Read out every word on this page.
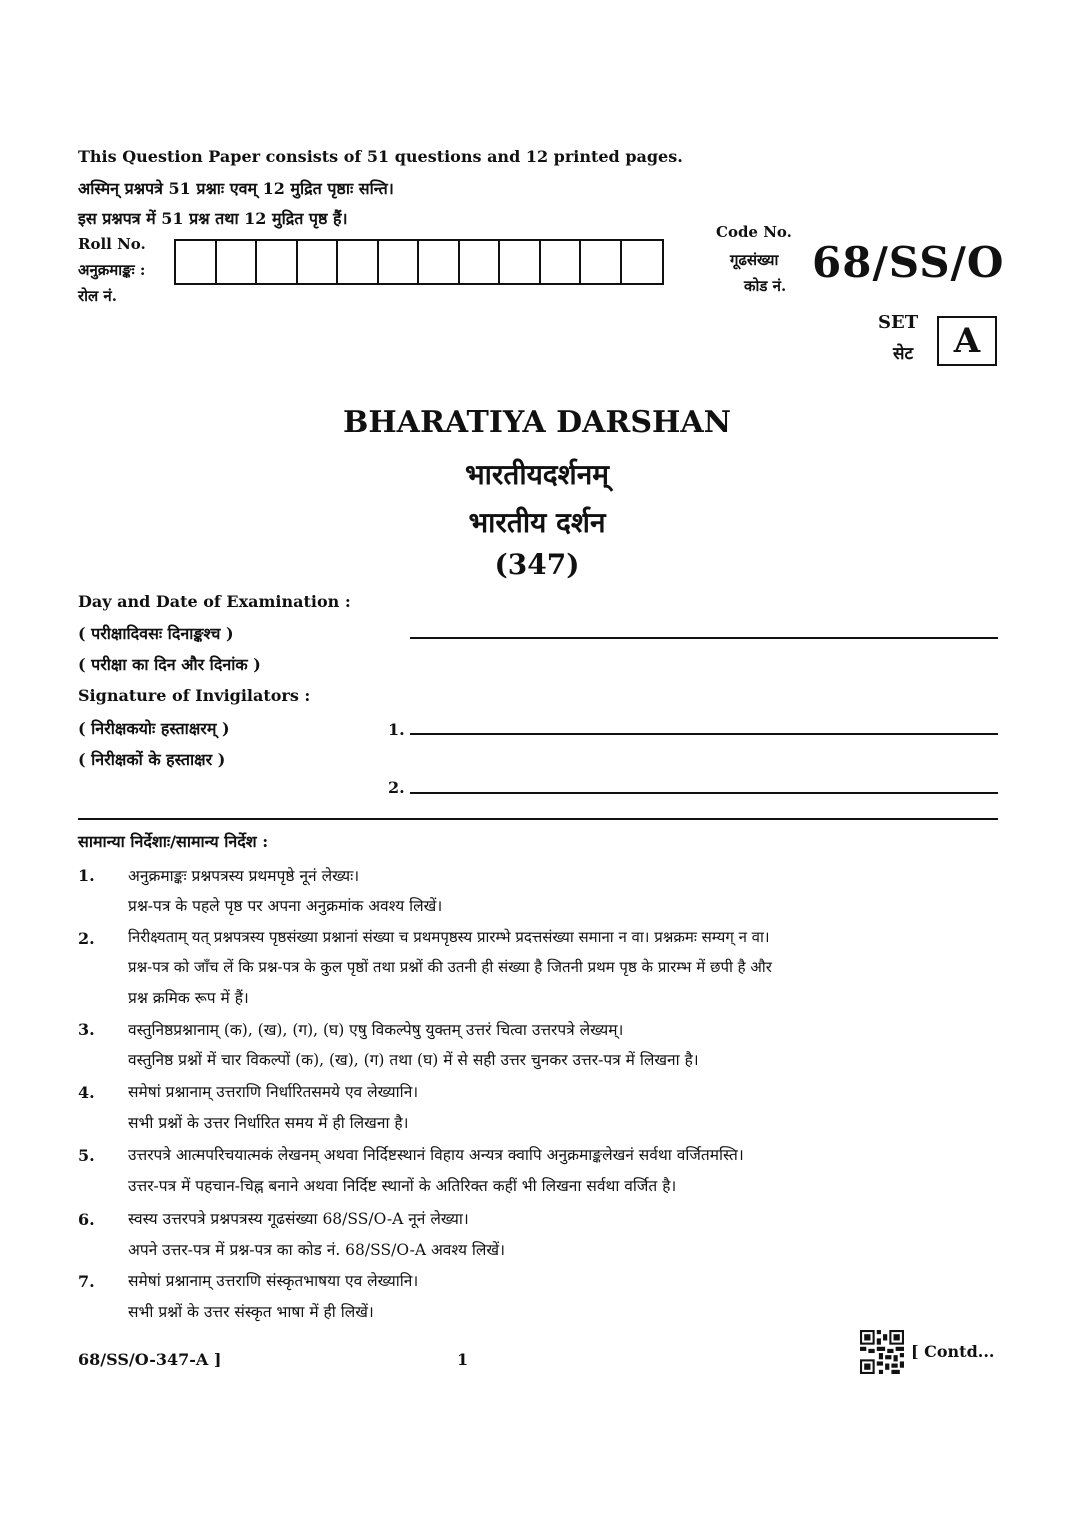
This Question Paper consists of 51 questions and 12 printed pages.
अस्मिन् प्रश्नपत्रे 51 प्रश्नाः एवम् 12 मुद्रित पृष्ठाः सन्ति।
इस प्रश्नपत्र में 51 प्रश्न तथा 12 मुद्रित पृष्ठ हैं।
Roll No.
अनुक्रमाङ्कः :
रोल नं.
Code No.
गूढसंख्या
कोड नं. 68/SS/O
SET
सेट	A
BHARATIYA DARSHAN
भारतीयदर्शनम्
भारतीय दर्शन
(347)
Day and Date of Examination :
( परीक्षादिवसः दिनाङ्कश्च )
( परीक्षा का दिन और दिनांक )
Signature of Invigilators :
( निरीक्षकयोः हस्ताक्षरम् )
( निरीक्षकों के हस्ताक्षर )
1.
2.
सामान्या निर्देशाः/सामान्य निर्देश :
1. अनुक्रमाङ्कः प्रश्नपत्रस्य प्रथमपृष्ठे नूनं लेख्यः।
प्रश्न-पत्र के पहले पृष्ठ पर अपना अनुक्रमांक अवश्य लिखें।
2. निरीक्ष्यताम् यत् प्रश्नपत्रस्य पृष्ठसंख्या प्रश्नानां संख्या च प्रथमपृष्ठस्य प्रारम्भे प्रदत्तसंख्या समाना न वा। प्रश्नक्रमः सम्यग् न वा।
प्रश्न-पत्र को जाँच लें कि प्रश्न-पत्र के कुल पृष्ठों तथा प्रश्नों की उतनी ही संख्या है जितनी प्रथम पृष्ठ के प्रारम्भ में छपी है और
प्रश्न क्रमिक रूप में हैं।
3. वस्तुनिष्ठप्रश्नानाम् (क), (ख), (ग), (घ) एषु विकल्पेषु युक्तम् उत्तरं चित्वा उत्तरपत्रे लेख्यम्।
वस्तुनिष्ठ प्रश्नों में चार विकल्पों (क), (ख), (ग) तथा (घ) में से सही उत्तर चुनकर उत्तर-पत्र में लिखना है।
4. समेषां प्रश्नानाम् उत्तराणि निर्धारितसमये एव लेख्यानि।
सभी प्रश्नों के उत्तर निर्धारित समय में ही लिखना है।
5. उत्तरपत्रे आत्मपरिचयात्मकं लेखनम् अथवा निर्दिष्टस्थानं विहाय अन्यत्र क्वापि अनुक्रमाङ्कलेखनं सर्वथा वर्जितमस्ति।
उत्तर-पत्र में पहचान-चिह्न बनाने अथवा निर्दिष्ट स्थानों के अतिरिक्त कहीं भी लिखना सर्वथा वर्जित है।
6. स्वस्य उत्तरपत्रे प्रश्नपत्रस्य गूढसंख्या 68/SS/O-A नूनं लेख्या।
अपने उत्तर-पत्र में प्रश्न-पत्र का कोड नं. 68/SS/O-A अवश्य लिखें।
7. समेषां प्रश्नानाम् उत्तराणि संस्कृतभाषया एव लेख्यानि।
सभी प्रश्नों के उत्तर संस्कृत भाषा में ही लिखें।
68/SS/O-347-A ]	1	[ Contd...
